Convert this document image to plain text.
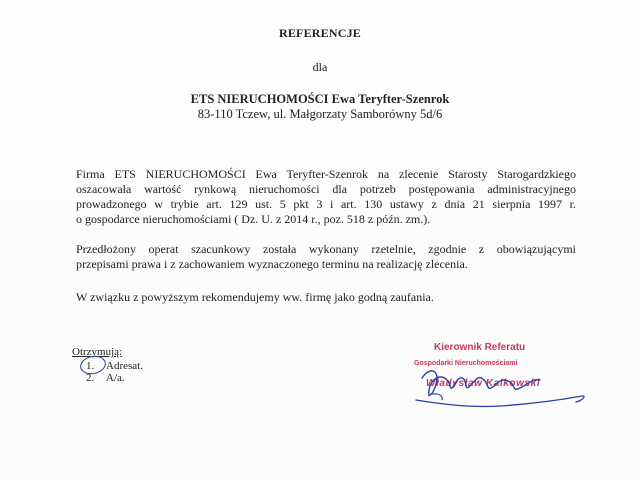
REFERENCJE
dla
ETS NIERUCHOMOŚCI Ewa Teryfter-Szenrok
83-110 Tczew, ul. Małgorzaty Samborówny 5d/6
Firma ETS NIERUCHOMOŚCI Ewa Teryfter-Szenrok na zlecenie Starosty Starogardzkiego
oszacowała wartość rynkową nieruchomości dla potrzeb postępowania administracyjnego
prowadzonego w trybie art. 129 ust. 5 pkt 3 i art. 130 ustawy z dnia 21 sierpnia 1997 r.
o gospodarce nieruchomościami ( Dz. U. z 2014 r., poz. 518 z późn. zm.).
Przedłożony operat szacunkowy została wykonany rzetelnie, zgodnie z obowiązującymi
przepisami prawa i z zachowaniem wyznaczonego terminu na realizację zlecenia.
W związku z powyższym rekomendujemy ww. firmę jako godną zaufania.
Otrzymują:
1.	Adresat.
2.	A/a.
Kierownik Referatu
Gospodarki Nieruchomościami
Władysław Kalkowski
